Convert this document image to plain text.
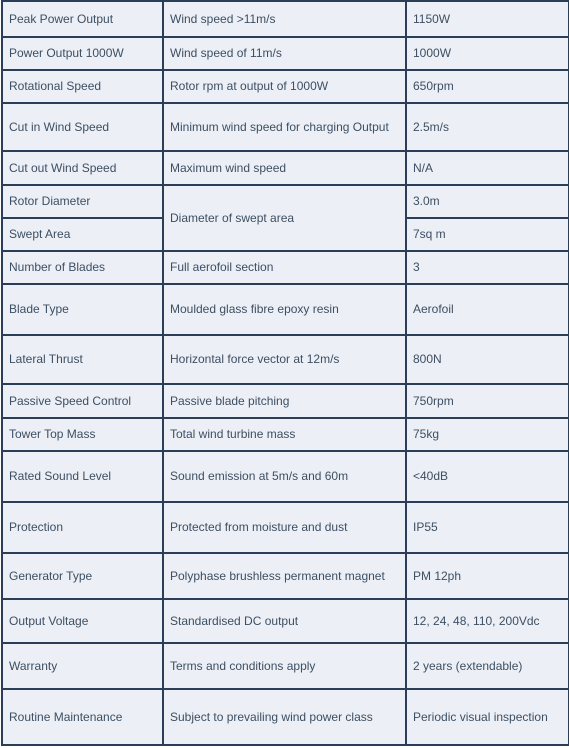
Peak Power Output	Wind speed >11m/s	1150W
Power Output 1000W	Wind speed of 11m/s	1000W
Rotational Speed	Rotor rpm at output of 1000W	650rpm
Cut in Wind Speed	Minimum wind speed for charging Output	2.5m/s
Cut out Wind Speed	Maximum wind speed	N/A
Rotor Diameter	Diameter of swept area	3.0m
Swept Area		7sq m
Number of Blades	Full aerofoil section	3
Blade Type	Moulded glass fibre epoxy resin	Aerofoil
Lateral Thrust	Horizontal force vector at 12m/s	800N
Passive Speed Control	Passive blade pitching	750rpm
Tower Top Mass	Total wind turbine mass	75kg
Rated Sound Level	Sound emission at 5m/s and 60m	<40dB
Protection	Protected from moisture and dust	IP55
Generator Type	Polyphase brushless permanent magnet	PM 12ph
Output Voltage	Standardised DC output	12, 24, 48, 110, 200Vdc
Warranty	Terms and conditions apply	2 years (extendable)
Routine Maintenance	Subject to prevailing wind power class	Periodic visual inspection
